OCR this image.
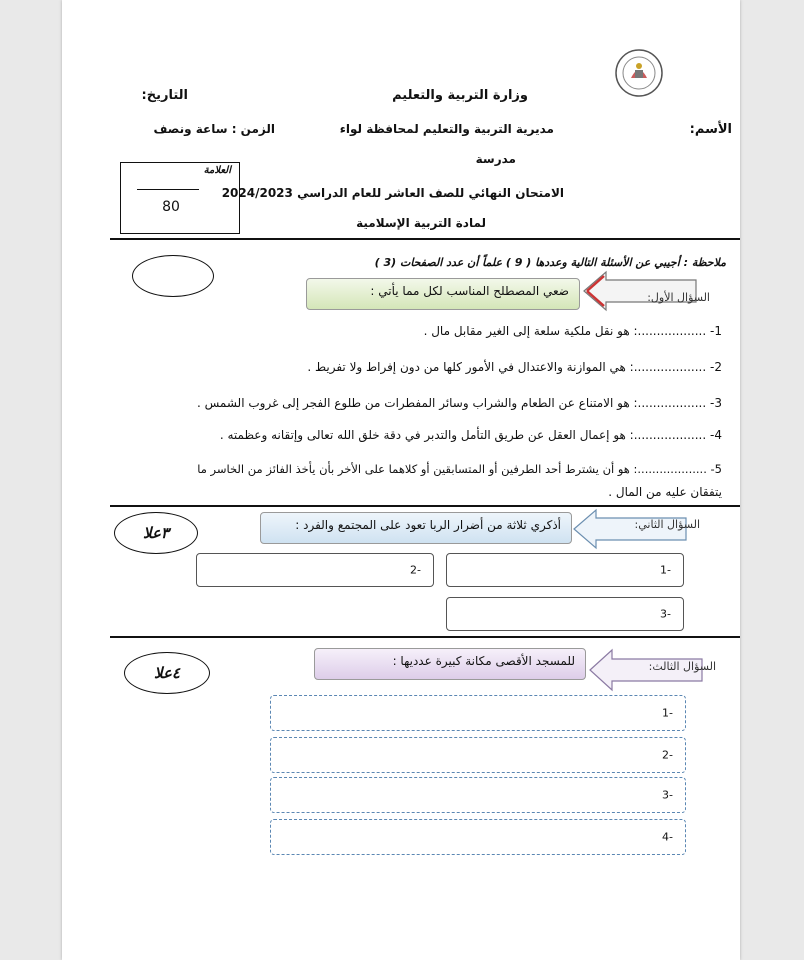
التاريخ:	وزارة التربية والتعليم
الأسم:
مديرية التربية والتعليم لمحافظة لواء
الزمن : ساعة ونصف
مدرسة
الامتحان النهائي للصف العاشر للعام الدراسي 2024/2023
لمادة التربية الإسلامية
العلامة
80
ملاحظة : أجيبي عن الأسئلة التالية وعددها ( 9 ) علماً أن عدد الصفحات (3 )
السؤال الأول:
ضعي المصطلح المناسب لكل مما يأتي :
1- ..................: هو نقل ملكية سلعة إلى الغير مقابل مال .
2- ...................: هي الموازنة والاعتدال في الأمور كلها من دون إفراط ولا تفريط .
3- ..................: هو الامتناع عن الطعام والشراب وسائر المفطرات من طلوع الفجر إلى غروب الشمس .
4- ...................: هو إعمال العقل عن طريق التأمل والتدبر في دقة خلق الله تعالى وإتقانه وعظمته .
5- ...................: هو أن يشترط أحد الطرفين أو المتسابقين أو كلاهما على الأخر بأن يأخذ الفائز من الخاسر ما
يتفقان عليه من المال .
٣علا	السؤال الثاني:
أذكري ثلاثة من أضرار الربا تعود على المجتمع والفرد :
1-
2-
3-
٤علا	السؤال الثالث:
للمسجد الأقصى مكانة كبيرة عدديها :
1-
2-
3-
4-
